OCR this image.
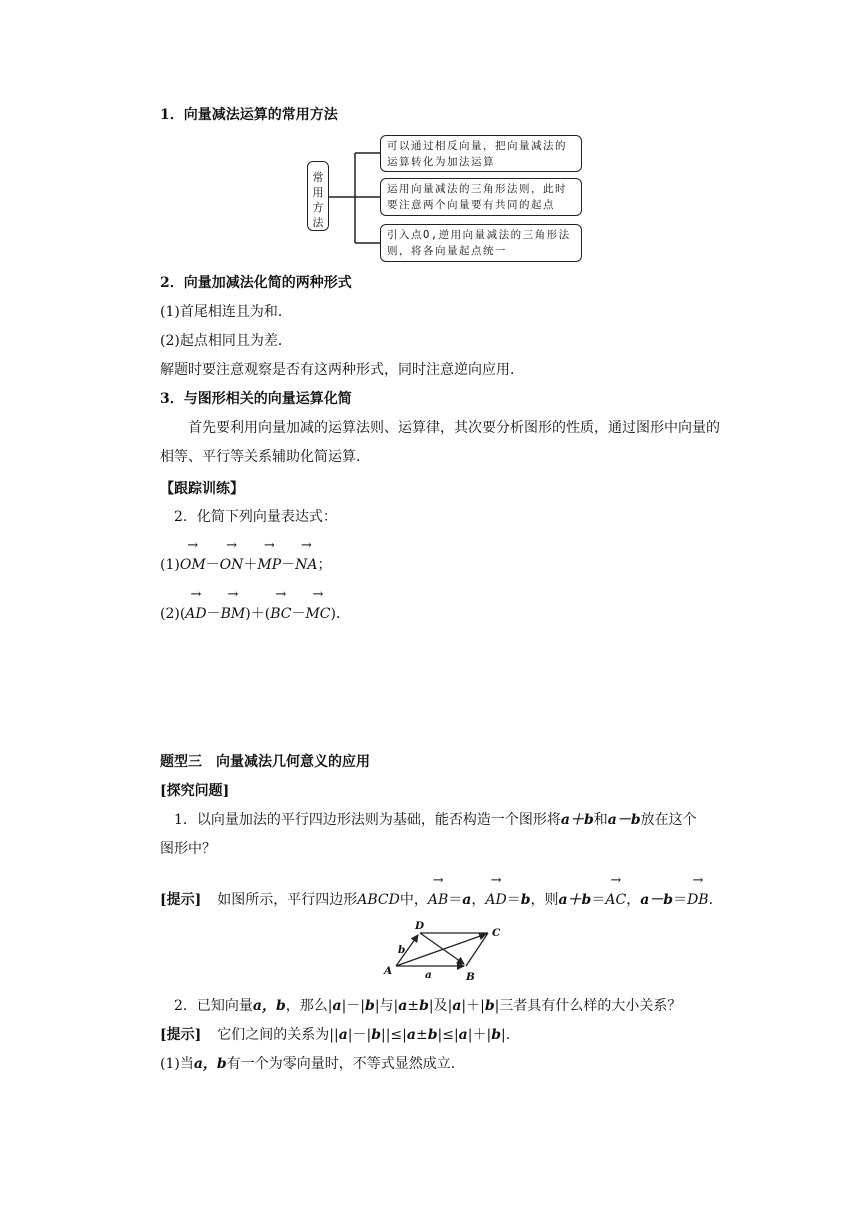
1．向量减法运算的常用方法
常
用
方
法
可以通过相反向量，把向量减法的运算转化为加法运算
运用向量减法的三角形法则，此时要注意两个向量要有共同的起点
引入点O,逆用向量减法的三角形法则，将各向量起点统一
2．向量加减法化简的两种形式
(1)首尾相连且为和．
(2)起点相同且为差．
解题时要注意观察是否有这两种形式，同时注意逆向应用．
3．与图形相关的向量运算化简
首先要利用向量加减的运算法则、运算律，其次要分析图形的性质，通过图形中向量的
相等、平行等关系辅助化简运算．
【跟踪训练】
2．化简下列向量表达式：
(1)→ OM－→ ON＋→ MP－→ NA；
(2)(→ AD－→ BM)＋(→ BC－→ MC)．
题型三　向量减法几何意义的应用
[探究问题]
1．以向量加法的平行四边形法则为基础，能否构造一个图形将a＋b和a－b放在这个
图形中？
[提示] 如图所示，平行四边形ABCD中，→ AB＝a，→ AD＝b，则a＋b＝→ AC，a－b＝→ DB.
A	B
C
D
a
b
2．已知向量a，b，那么|a|－|b|与|a±b|及|a|＋|b|三者具有什么样的大小关系？
[提示] 它们之间的关系为||a|－|b||≤|a±b|≤|a|＋|b|.
(1)当a，b有一个为零向量时，不等式显然成立．
